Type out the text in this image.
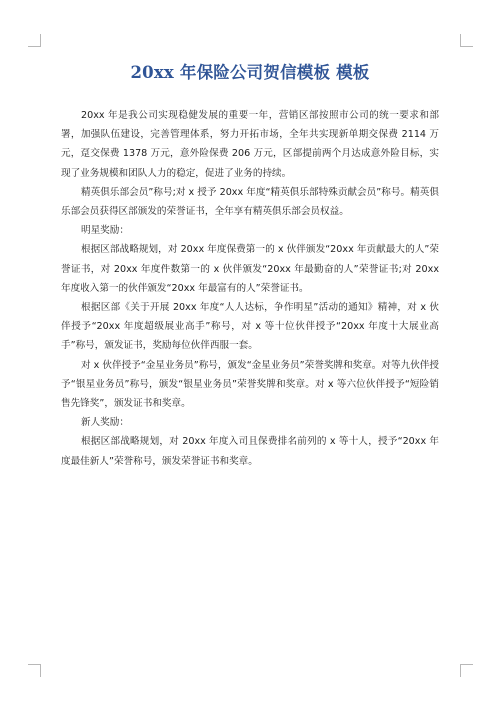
20xx 年保险公司贺信模板 模板

20xx 年是我公司实现稳健发展的重要一年，营销区部按照市公司的统一要求和部署，加强队伍建设，完善管理体系，努力开拓市场，全年共实现新单期交保费 2114 万元，趸交保费 1378 万元，意外险保费 206 万元，区部提前两个月达成意外险目标，实现了业务规模和团队人力的稳定，促进了业务的持续。

精英俱乐部会员”称号;对 x 授予 20xx 年度“精英俱乐部特殊贡献会员”称号。精英俱乐部会员获得区部颁发的荣誉证书，全年享有精英俱乐部会员权益。

明星奖励：

根据区部战略规划，对 20xx 年度保费第一的 x 伙伴颁发“20xx 年贡献最大的人”荣誉证书，对 20xx 年度件数第一的 x 伙伴颁发“20xx 年最勤奋的人”荣誉证书;对 20xx 年度收入第一的伙伴颁发“20xx 年最富有的人”荣誉证书。

根据区部《关于开展 20xx 年度“人人达标，争作明星”活动的通知》精神，对 x 伙伴授予“20xx 年度超级展业高手”称号，对 x 等十位伙伴授予“20xx 年度十大展业高手”称号，颁发证书，奖励每位伙伴西服一套。

对 x 伙伴授予“金星业务员”称号，颁发“金星业务员”荣誉奖牌和奖章。对等九伙伴授予“银星业务员”称号，颁发“银星业务员”荣誉奖牌和奖章。对 x 等六位伙伴授予“短险销售先锋奖”，颁发证书和奖章。

新人奖励：

根据区部战略规划，对 20xx 年度入司且保费排名前列的 x 等十人，授予“20xx 年度最佳新人”荣誉称号，颁发荣誉证书和奖章。
